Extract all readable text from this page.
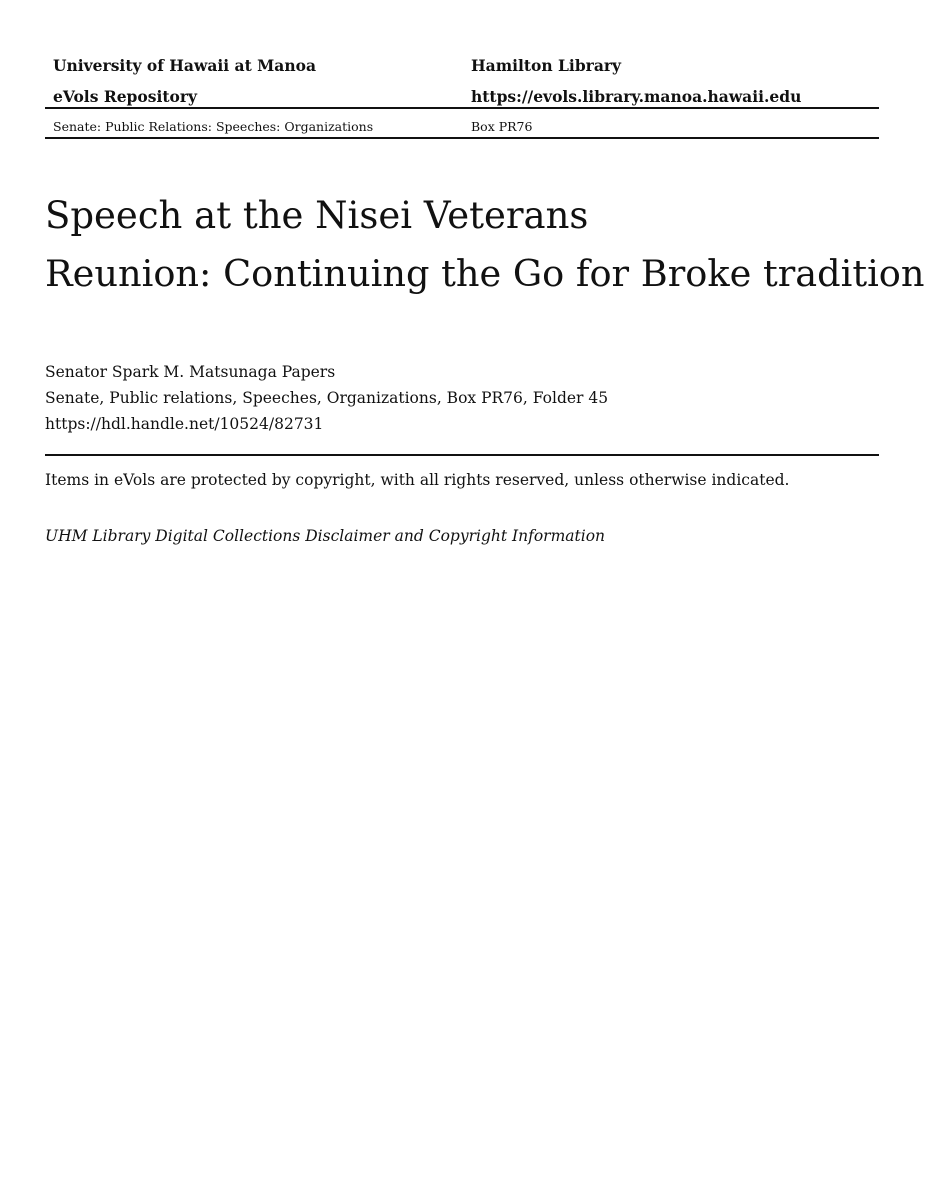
University of Hawaii at Manoa	Hamilton Library
eVols Repository	https://evols.library.manoa.hawaii.edu
Senate: Public Relations: Speeches: Organizations	Box PR76
Speech at the Nisei Veterans
Reunion: Continuing the Go for Broke tradition
Senator Spark M. Matsunaga Papers
Senate, Public relations, Speeches, Organizations, Box PR76, Folder 45
https://hdl.handle.net/10524/82731
Items in eVols are protected by copyright, with all rights reserved, unless otherwise indicated.
UHM Library Digital Collections Disclaimer and Copyright Information
